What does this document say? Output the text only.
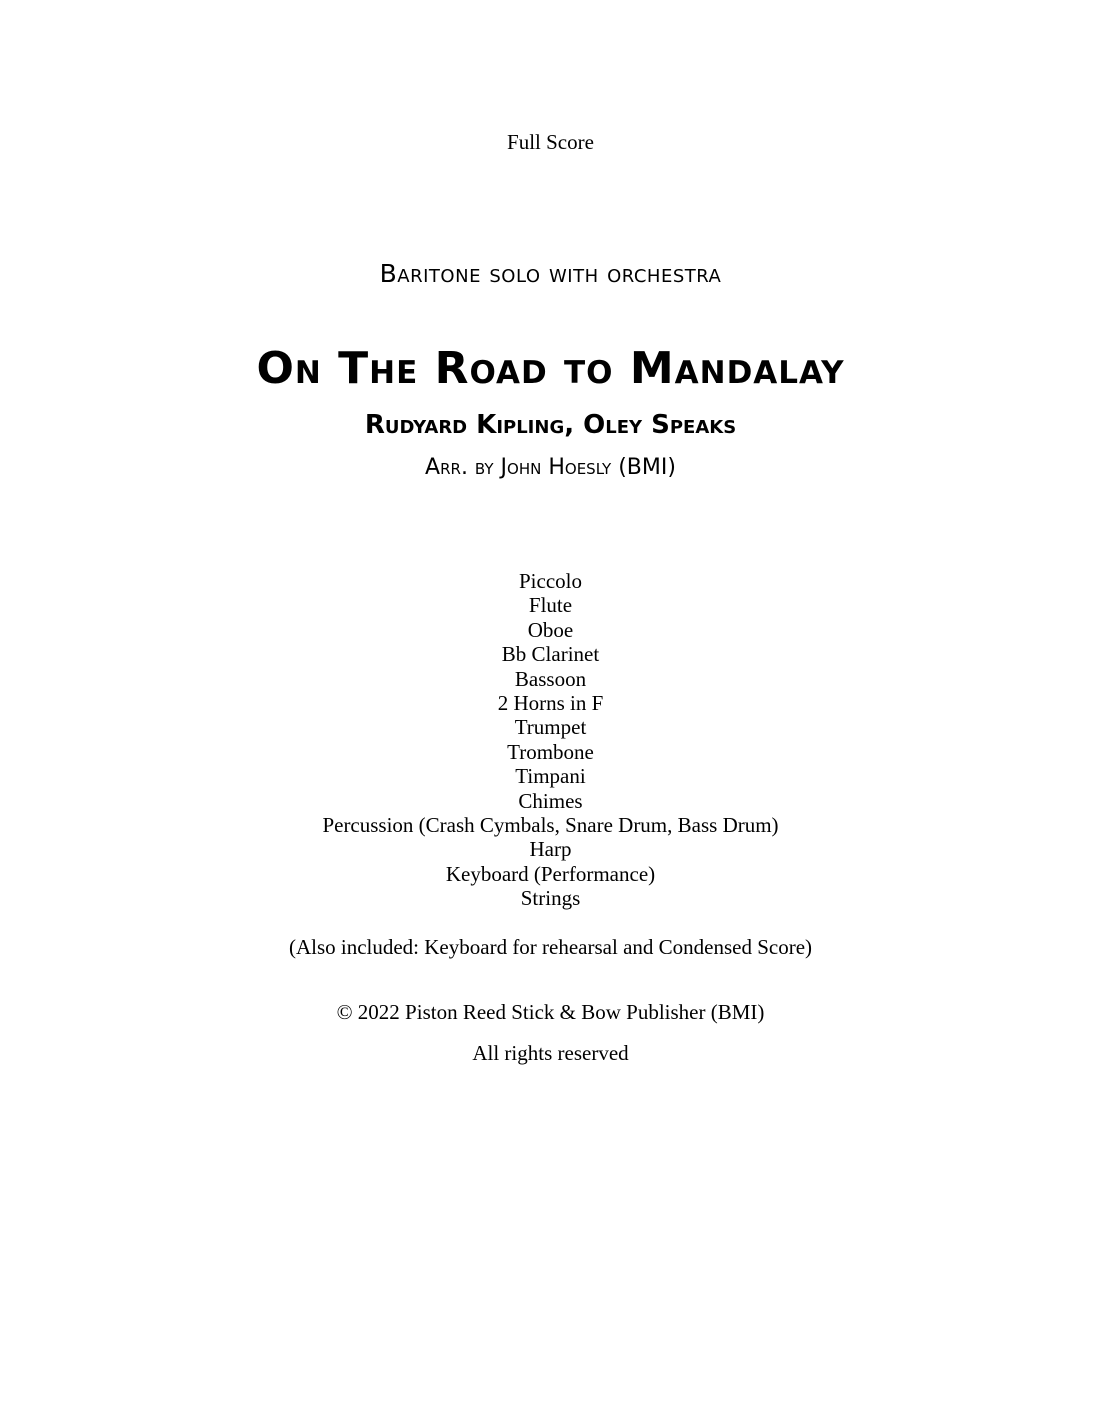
Full Score
Baritone solo with orchestra
On The Road to Mandalay
Rudyard Kipling, Oley Speaks
Arr. by John Hoesly (BMI)
Piccolo
Flute
Oboe
Bb Clarinet
Bassoon
2 Horns in F
Trumpet
Trombone
Timpani
Chimes
Percussion (Crash Cymbals, Snare Drum, Bass Drum)
Harp
Keyboard (Performance)
Strings
(Also included: Keyboard for rehearsal and Condensed Score)
© 2022 Piston Reed Stick & Bow Publisher (BMI)
All rights reserved
